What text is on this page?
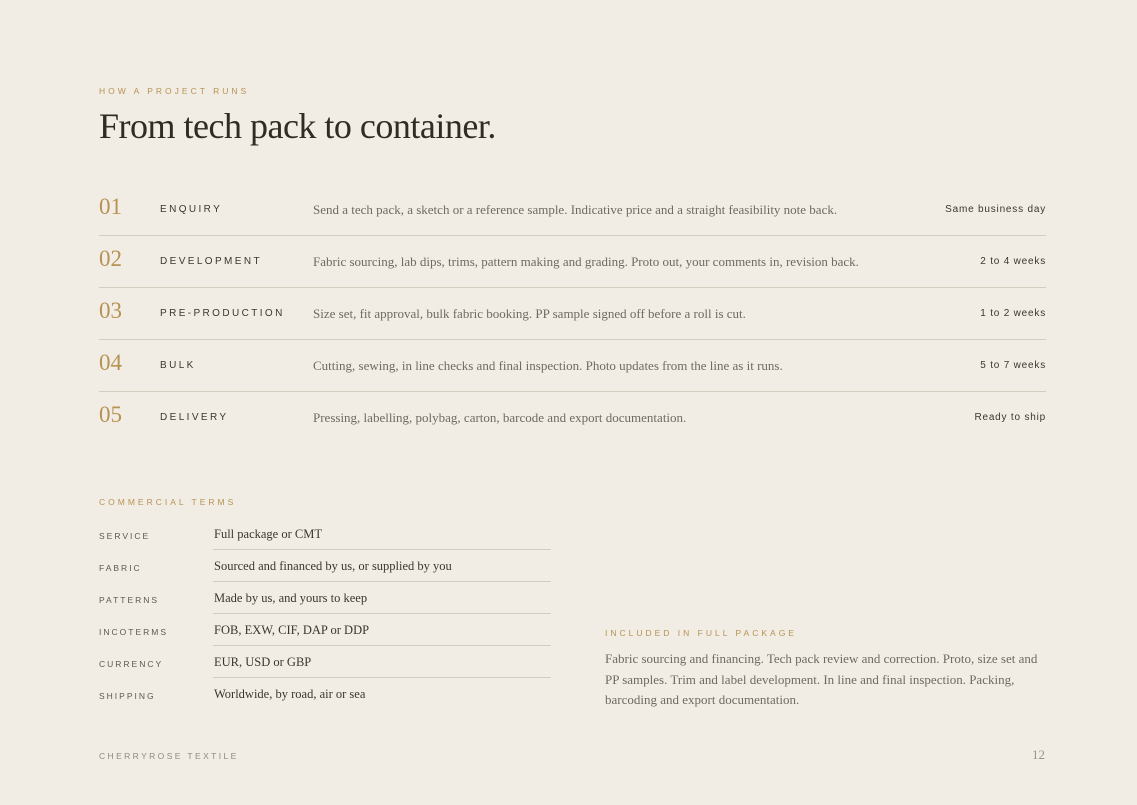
HOW A PROJECT RUNS
From tech pack to container.
01	ENQUIRY	Send a tech pack, a sketch or a reference sample. Indicative price and a straight feasibility note back.	Same business day
02	DEVELOPMENT	Fabric sourcing, lab dips, trims, pattern making and grading. Proto out, your comments in, revision back.	2 to 4 weeks
03	PRE-PRODUCTION	Size set, fit approval, bulk fabric booking. PP sample signed off before a roll is cut.	1 to 2 weeks
04	BULK	Cutting, sewing, in line checks and final inspection. Photo updates from the line as it runs.	5 to 7 weeks
05	DELIVERY	Pressing, labelling, polybag, carton, barcode and export documentation.	Ready to ship
COMMERCIAL TERMS
SERVICE	Full package or CMT
FABRIC	Sourced and financed by us, or supplied by you
PATTERNS	Made by us, and yours to keep
INCOTERMS	FOB, EXW, CIF, DAP or DDP
CURRENCY	EUR, USD or GBP
SHIPPING	Worldwide, by road, air or sea
INCLUDED IN FULL PACKAGE

Fabric sourcing and financing. Tech pack review and correction. Proto, size set and PP samples. Trim and label development. In line and final inspection. Packing, barcoding and export documentation.

CHERRYROSE TEXTILE	12
